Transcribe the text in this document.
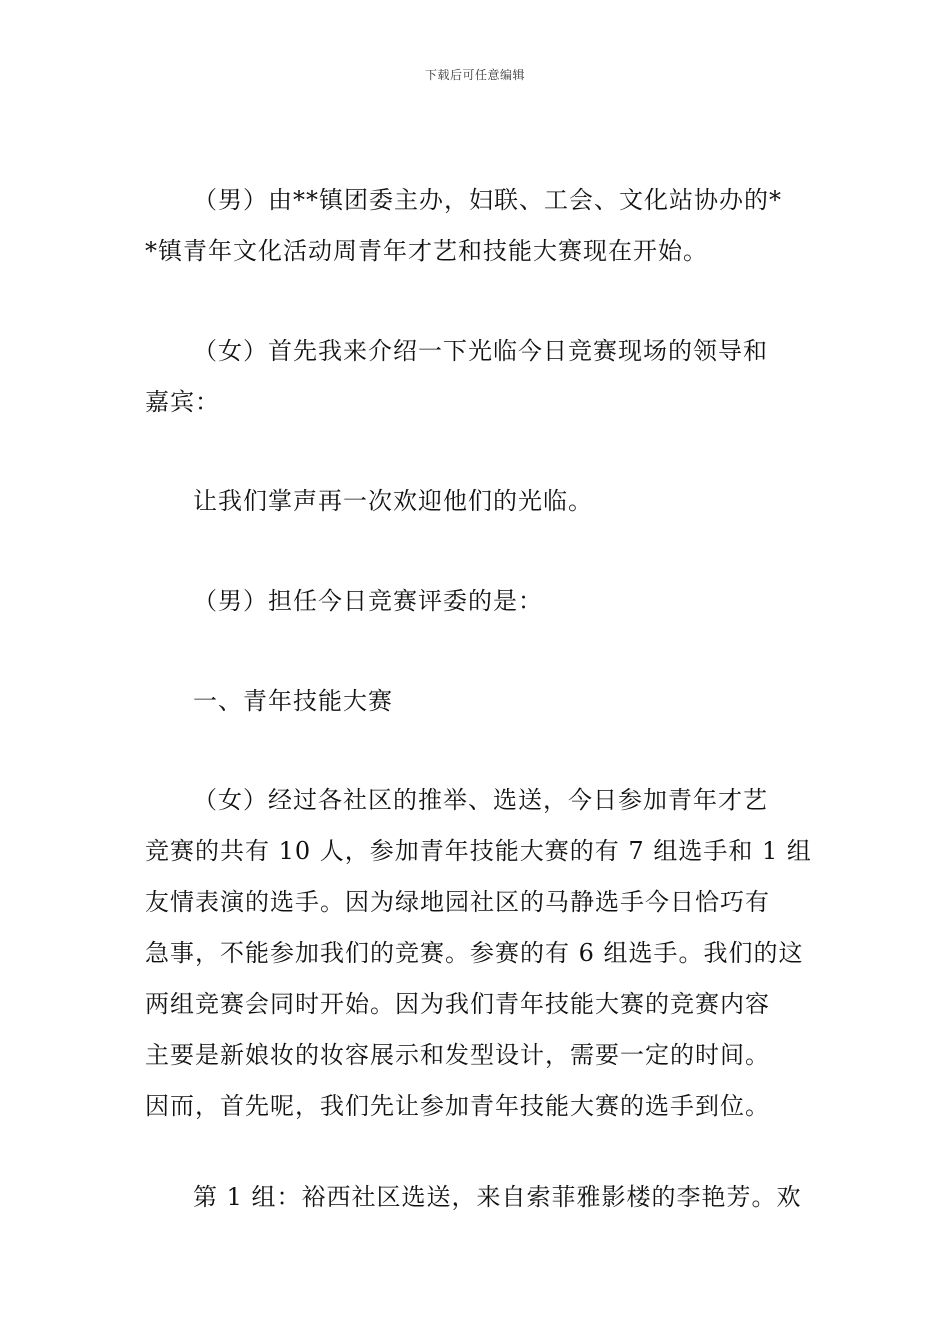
下载后可任意编辑
（男）由**镇团委主办，妇联、工会、文化站协办的*
*镇青年文化活动周青年才艺和技能大赛现在开始。
（女）首先我来介绍一下光临今日竞赛现场的领导和
嘉宾：
让我们掌声再一次欢迎他们的光临。
（男）担任今日竞赛评委的是：
一、青年技能大赛
（女）经过各社区的推举、选送，今日参加青年才艺
竞赛的共有 10 人，参加青年技能大赛的有 7 组选手和 1 组
友情表演的选手。因为绿地园社区的马静选手今日恰巧有
急事，不能参加我们的竞赛。参赛的有 6 组选手。我们的这
两组竞赛会同时开始。因为我们青年技能大赛的竞赛内容
主要是新娘妆的妆容展示和发型设计，需要一定的时间。
因而，首先呢，我们先让参加青年技能大赛的选手到位。
第 1 组：裕西社区选送，来自索菲雅影楼的李艳芳。欢
